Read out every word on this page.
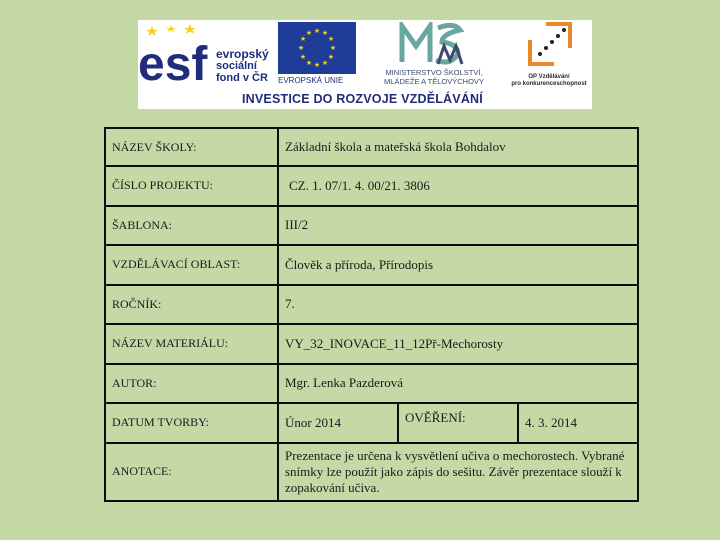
esf evropský
sociální
fond v ČR
★ ★
★
★
★
★
★
★
★
★
★
★
EVROPSKÁ UNIE
MINISTERSTVO ŠKOLSTVÍ,
MLÁDEŽE A TĚLOVÝCHOVY	OP Vzdělávání
pro konkurenceschopnost
INVESTICE DO ROZVOJE VZDĚLÁVÁNÍ
NÁZEV ŠKOLY:	Základní škola a mateřská škola Bohdalov		
ČÍSLO PROJEKTU:	CZ. 1. 07/1. 4. 00/21. 3806		
ŠABLONA:	III/2		
VZDĚLÁVACÍ OBLAST:	Člověk a příroda, Přírodopis		
ROČNÍK:	7.		
NÁZEV MATERIÁLU:	VY_32_INOVACE_11_12Př-Mechorosty		
AUTOR:	Mgr. Lenka Pazderová		
DATUM TVORBY:	Únor 2014	OVĚŘENÍ:	4. 3. 2014
ANOTACE:	Prezentace je určena k vysvětlení učiva o mechorostech. Vybrané snímky lze použít jako zápis do sešitu. Závěr prezentace slouží k zopakování učiva.		
